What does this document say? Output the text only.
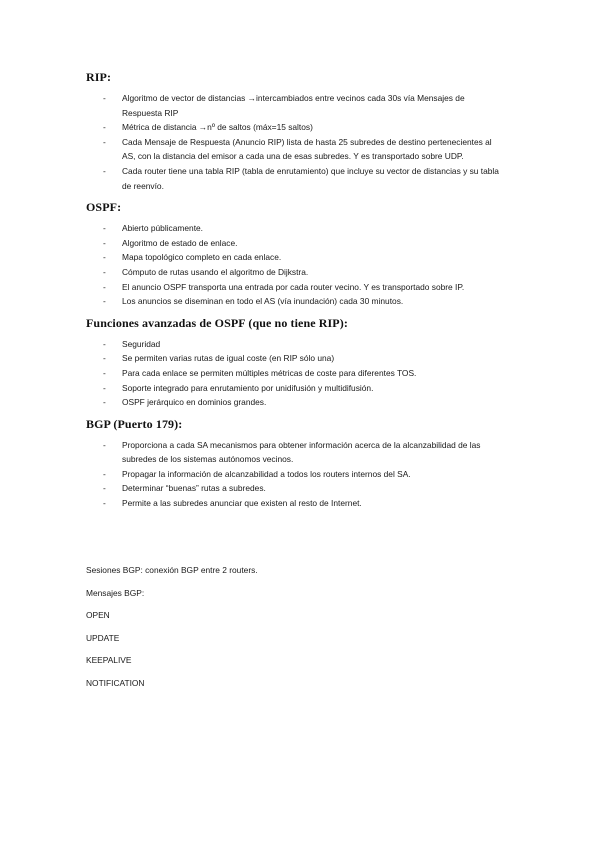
RIP:
- Algoritmo de vector de distancias →intercambiados entre vecinos cada 30s vía Mensajes de Respuesta RIP
- Métrica de distancia →nº de saltos (máx=15 saltos)
- Cada Mensaje de Respuesta (Anuncio RIP) lista de hasta 25 subredes de destino pertenecientes al AS, con la distancia del emisor a cada una de esas subredes. Y es transportado sobre UDP.
- Cada router tiene una tabla RIP (tabla de enrutamiento) que incluye su vector de distancias y su tabla de reenvío.
OSPF:
- Abierto públicamente.
- Algoritmo de estado de enlace.
- Mapa topológico completo en cada enlace.
- Cómputo de rutas usando el algoritmo de Dijkstra.
- El anuncio OSPF transporta una entrada por cada router vecino. Y es transportado sobre IP.
- Los anuncios se diseminan en todo el AS (vía inundación) cada 30 minutos.
Funciones avanzadas de OSPF (que no tiene RIP):
- Seguridad
- Se permiten varias rutas de igual coste (en RIP sólo una)
- Para cada enlace se permiten múltiples métricas de coste para diferentes TOS.
- Soporte integrado para enrutamiento por unidifusión y multidifusión.
- OSPF jerárquico en dominios grandes.
BGP (Puerto 179):
- Proporciona a cada SA mecanismos para obtener información acerca de la alcanzabilidad de las subredes de los sistemas autónomos vecinos.
- Propagar la información de alcanzabilidad a todos los routers internos del SA.
- Determinar “buenas” rutas a subredes.
- Permite a las subredes anunciar que existen al resto de Internet.

Sesiones BGP: conexión BGP entre 2 routers.

Mensajes BGP:

OPEN

UPDATE

KEEPALIVE

NOTIFICATION
